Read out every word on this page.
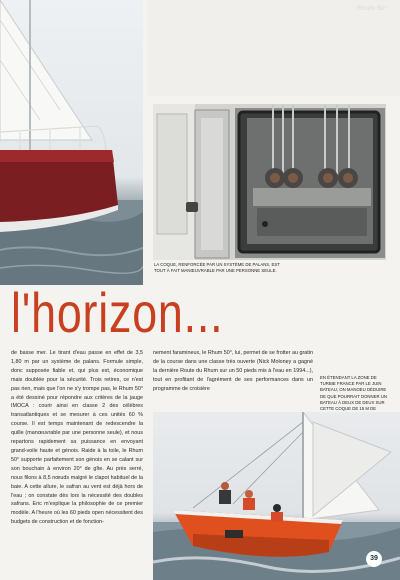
Rhum 50°
LA COQUE, RENFORCÉE PAR UN SYSTÈME DE PALANS, EST TOUT À FAIT MANŒUVRABLE PAR UNE PERSONNE SEULE.
l'horizon...
de basse mer. Le tirant d'eau passe en effet de 3,5 1,80 m par un système de palans. Formule simple, donc supposée fiable et, qui plus est, économique mais doublée pour la sécurité. Trois retires, ce n'est pas rien, mais que l'on ne s'y trompe pas, le Rhum 50° a été dessiné pour répondre aux critères de la jauge IMOCA : courir ainsi en classe 2 des célèbres transatlantiques et se mesurer à ces unités 60 % course. Il est temps maintenant de redescendre la quille (manœuvrable par une personne seule), et nous repartons rapidement sa puissance en envoyant grand-voile haute et génois. Raide à la toile, le Rhum 50° supporte parfaitement son génois en se calant sur son bouchain à environ 20° de gîte. Au près serré, nous filons à 8,5 nœuds malgré le clapot habituel de la baie. A cette allure, le safran au vent est déjà hors de l'eau ; on constate dès lors la nécessité des doubles safrans. Eric m'explique la philosophie de ce premier modèle. A l'heure où les 60 pieds open nécessitent des budgets de construction et de fonction-
nement faramineux, le Rhum 50°, lui, permet de se frotter au gratin de la course dans une classe très ouverte (Nick Moloney a gagné la dernière Route du Rhum sur un 50 pieds mis à l'eau en 1994...), tout en profitant de l'agrément de ses performances dans un programme de croisière
EN ÉTENDANT LA ZONE DE TURBIE FRANCE PAR LE JUIN BATEAU, ON MANOEU DÉDUIRE DE QUE POURRAIT DONNER UN BATEAU À DEUX DE DEUX SUR CETTE COQUE DE 15 M DE
39
